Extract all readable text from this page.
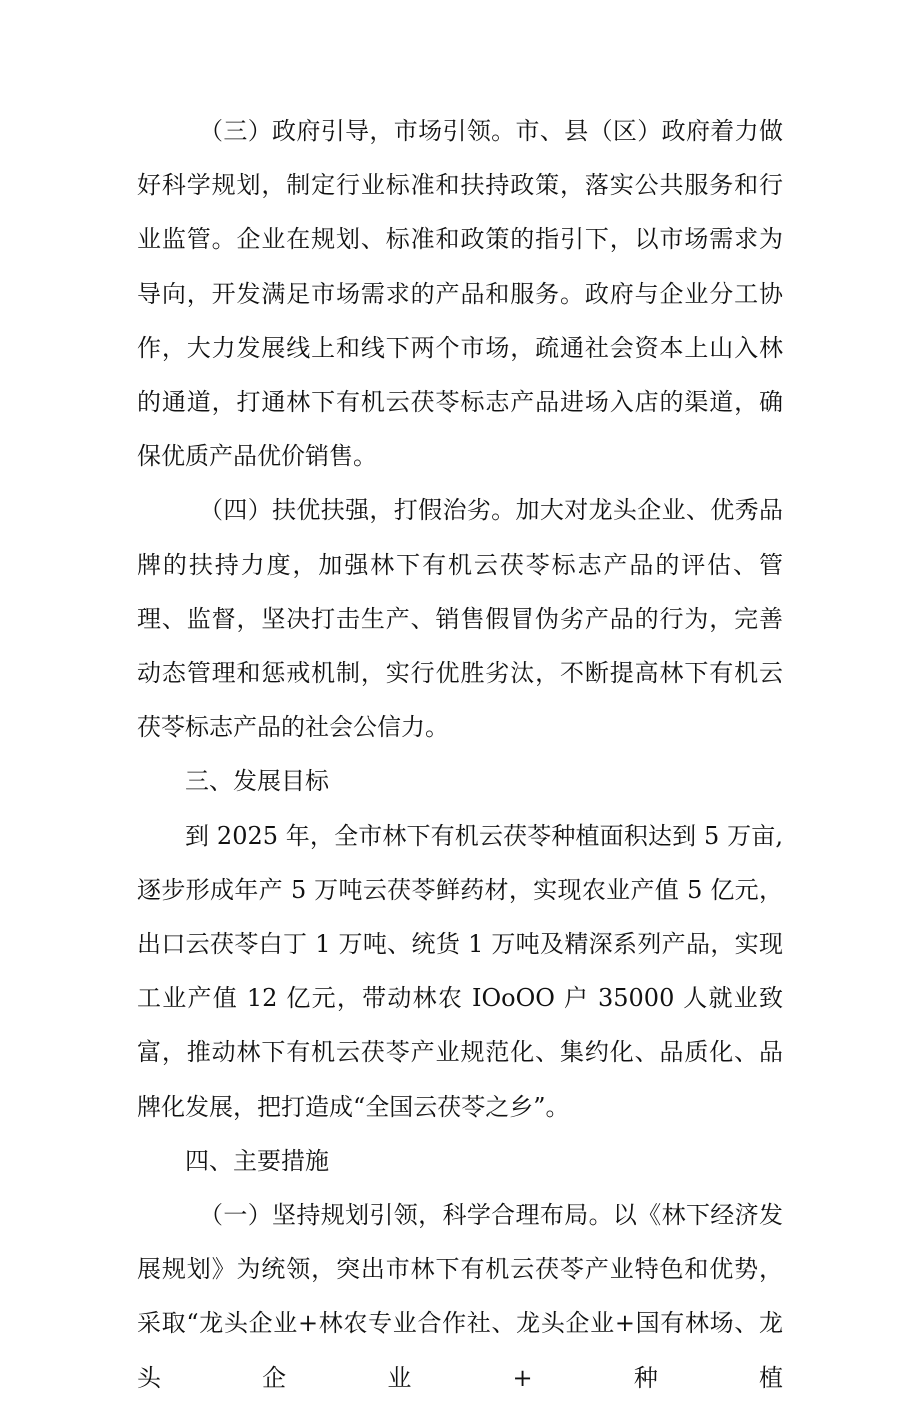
（三）政府引导，市场引领。市、县（区）政府着力做好科学规划，制定行业标准和扶持政策，落实公共服务和行业监管。企业在规划、标准和政策的指引下，以市场需求为导向，开发满足市场需求的产品和服务。政府与企业分工协作，大力发展线上和线下两个市场，疏通社会资本上山入林的通道，打通林下有机云茯苓标志产品进场入店的渠道，确保优质产品优价销售。

（四）扶优扶强，打假治劣。加大对龙头企业、优秀品牌的扶持力度，加强林下有机云茯苓标志产品的评估、管理、监督，坚决打击生产、销售假冒伪劣产品的行为，完善动态管理和惩戒机制，实行优胜劣汰，不断提高林下有机云茯苓标志产品的社会公信力。

三、发展目标

到 2025 年，全市林下有机云茯苓种植面积达到 5 万亩,逐步形成年产 5 万吨云茯苓鲜药材，实现农业产值 5 亿元，出口云茯苓白丁 1 万吨、统货 1 万吨及精深系列产品，实现工业产值 12 亿元，带动林农 IOoOO 户 35000 人就业致富，推动林下有机云茯苓产业规范化、集约化、品质化、品牌化发展，把打造成“全国云茯苓之乡”。

四、主要措施

（一）坚持规划引领，科学合理布局。以《林下经济发展规划》为统领，突出市林下有机云茯苓产业特色和优势，采取“龙头企业+林农专业合作社、龙头企业+国有林场、龙头企业+种植
